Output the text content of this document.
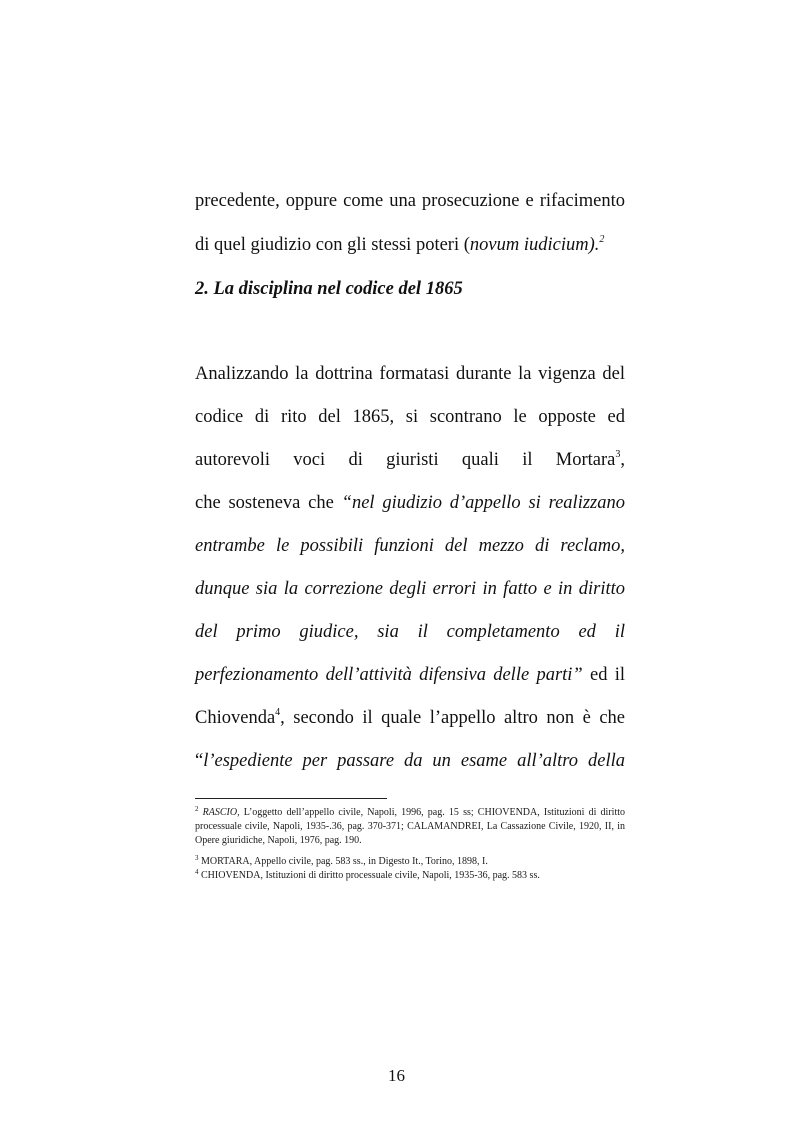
precedente, oppure come una prosecuzione e rifacimento
di quel giudizio con gli stessi poteri (novum iudicium).$^2$
2. La disciplina nel codice del 1865
Analizzando la dottrina formatasi durante la vigenza del
codice di rito del 1865, si scontrano le opposte ed
autorevoli voci di giuristi quali il Mortara$^3$,
che sosteneva che “nel giudizio d’appello si realizzano
entrambe le possibili funzioni del mezzo di reclamo,
dunque sia la correzione degli errori in fatto e in diritto
del primo giudice, sia il completamento ed il
perfezionamento dell’attività difensiva delle parti” ed il
Chiovenda$^4$, secondo il quale l’appello altro non è che
“l’espediente per passare da un esame all’altro della
$^2$ RASCIO, L’oggetto dell’appello civile, Napoli, 1996, pag. 15 ss; CHIOVENDA, Istituzioni di diritto processuale civile, Napoli, 1935-.36, pag. 370-371; CALAMANDREI, La Cassazione Civile, 1920, II, in Opere giuridiche, Napoli, 1976, pag. 190.
$^3$ MORTARA, Appello civile, pag. 583 ss., in Digesto It., Torino, 1898, I.
$^4$ CHIOVENDA, Istituzioni di diritto processuale civile, Napoli, 1935-36, pag. 583 ss.
16
